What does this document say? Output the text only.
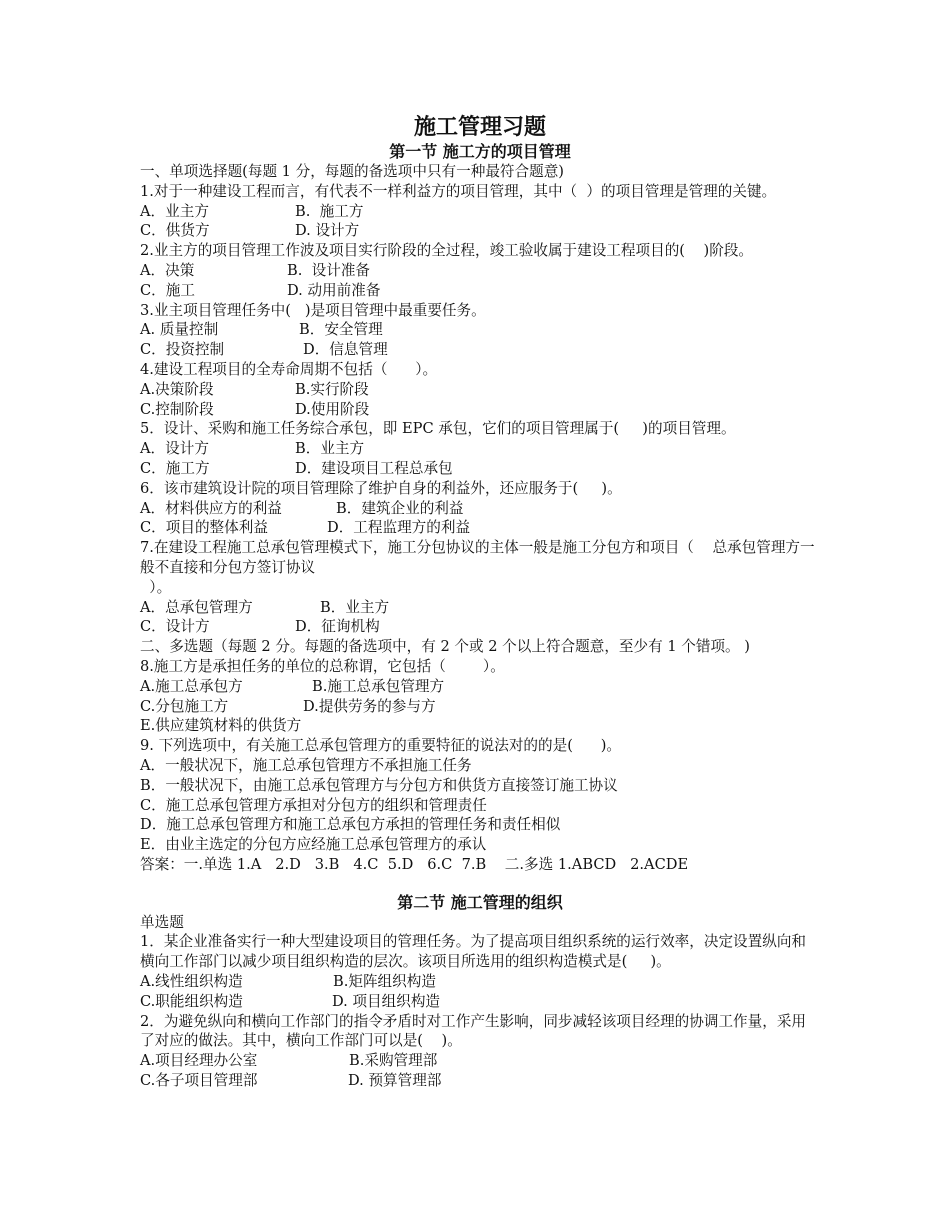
施工管理习题

第一节 施工方的项目管理

一、单项选择题(每题 1 分，每题的备选项中只有一种最符合题意)

1.对于一种建设工程而言，有代表不一样利益方的项目管理，其中（  ）的项目管理是管理的关键。

A．业主方	B.  施工方
C．供货方	D. 设计方

2.业主方的项目管理工作波及项目实行阶段的全过程，竣工验收属于建设工程项目的(    )阶段。

A．决策	B.  设计准备
C．施工	D. 动用前准备

3.业主项目管理任务中(   )是项目管理中最重要任务。

A. 质量控制	B．安全管理
C．投资控制	D．信息管理

4.建设工程项目的全寿命周期不包括（      ）。

A.决策阶段	B.实行阶段
C.控制阶段	D.使用阶段

5．设计、采购和施工任务综合承包，即 EPC 承包，它们的项目管理属于(     )的项目管理。

A．设计方	B．业主方
C．施工方	D．建设项目工程总承包

6．该市建筑设计院的项目管理除了维护自身的利益外，还应服务于(     )。

A．材料供应方的利益	B．建筑企业的利益
C．项目的整体利益	D．工程监理方的利益

7.在建设工程施工总承包管理模式下，施工分包协议的主体一般是施工分包方和项目（    总承包管理方一般不直接和分包方签订协议

）。

A．总承包管理方	B．业主方
C．设计方	D．征询机构

二、多选题（每题 2 分。每题的备选项中，有 2 个或 2 个以上符合题意，至少有 1 个错项。 )

8.施工方是承担任务的单位的总称谓，它包括（        ）。

A.施工总承包方	B.施工总承包管理方
C.分包施工方	D.提供劳务的参与方

E.供应建筑材料的供货方

9. 下列选项中，有关施工总承包管理方的重要特征的说法对的的是(      )。

A．一般状况下，施工总承包管理方不承担施工任务

B．一般状况下，由施工总承包管理方与分包方和供货方直接签订施工协议

C．施工总承包管理方承担对分包方的组织和管理责任

D．施工总承包管理方和施工总承包方承担的管理任务和责任相似

E．由业主选定的分包方应经施工总承包管理方的承认

答案：一.单选 1.A   2.D   3.B   4.C  5.D   6.C  7.B    二.多选 1.ABCD   2.ACDE

第二节 施工管理的组织

单选题

1．某企业准备实行一种大型建设项目的管理任务。为了提高项目组织系统的运行效率，决定设置纵向和横向工作部门以减少项目组织构造的层次。该项目所选用的组织构造模式是(     )。

A.线性组织构造	B.矩阵组织构造
C.职能组织构造	D. 项目组织构造

2．为避免纵向和横向工作部门的指令矛盾时对工作产生影响，同步减轻该项目经理的协调工作量，采用了对应的做法。其中，横向工作部门可以是(    )。

A.项目经理办公室	B.采购管理部
C.各子项目管理部	D. 预算管理部
